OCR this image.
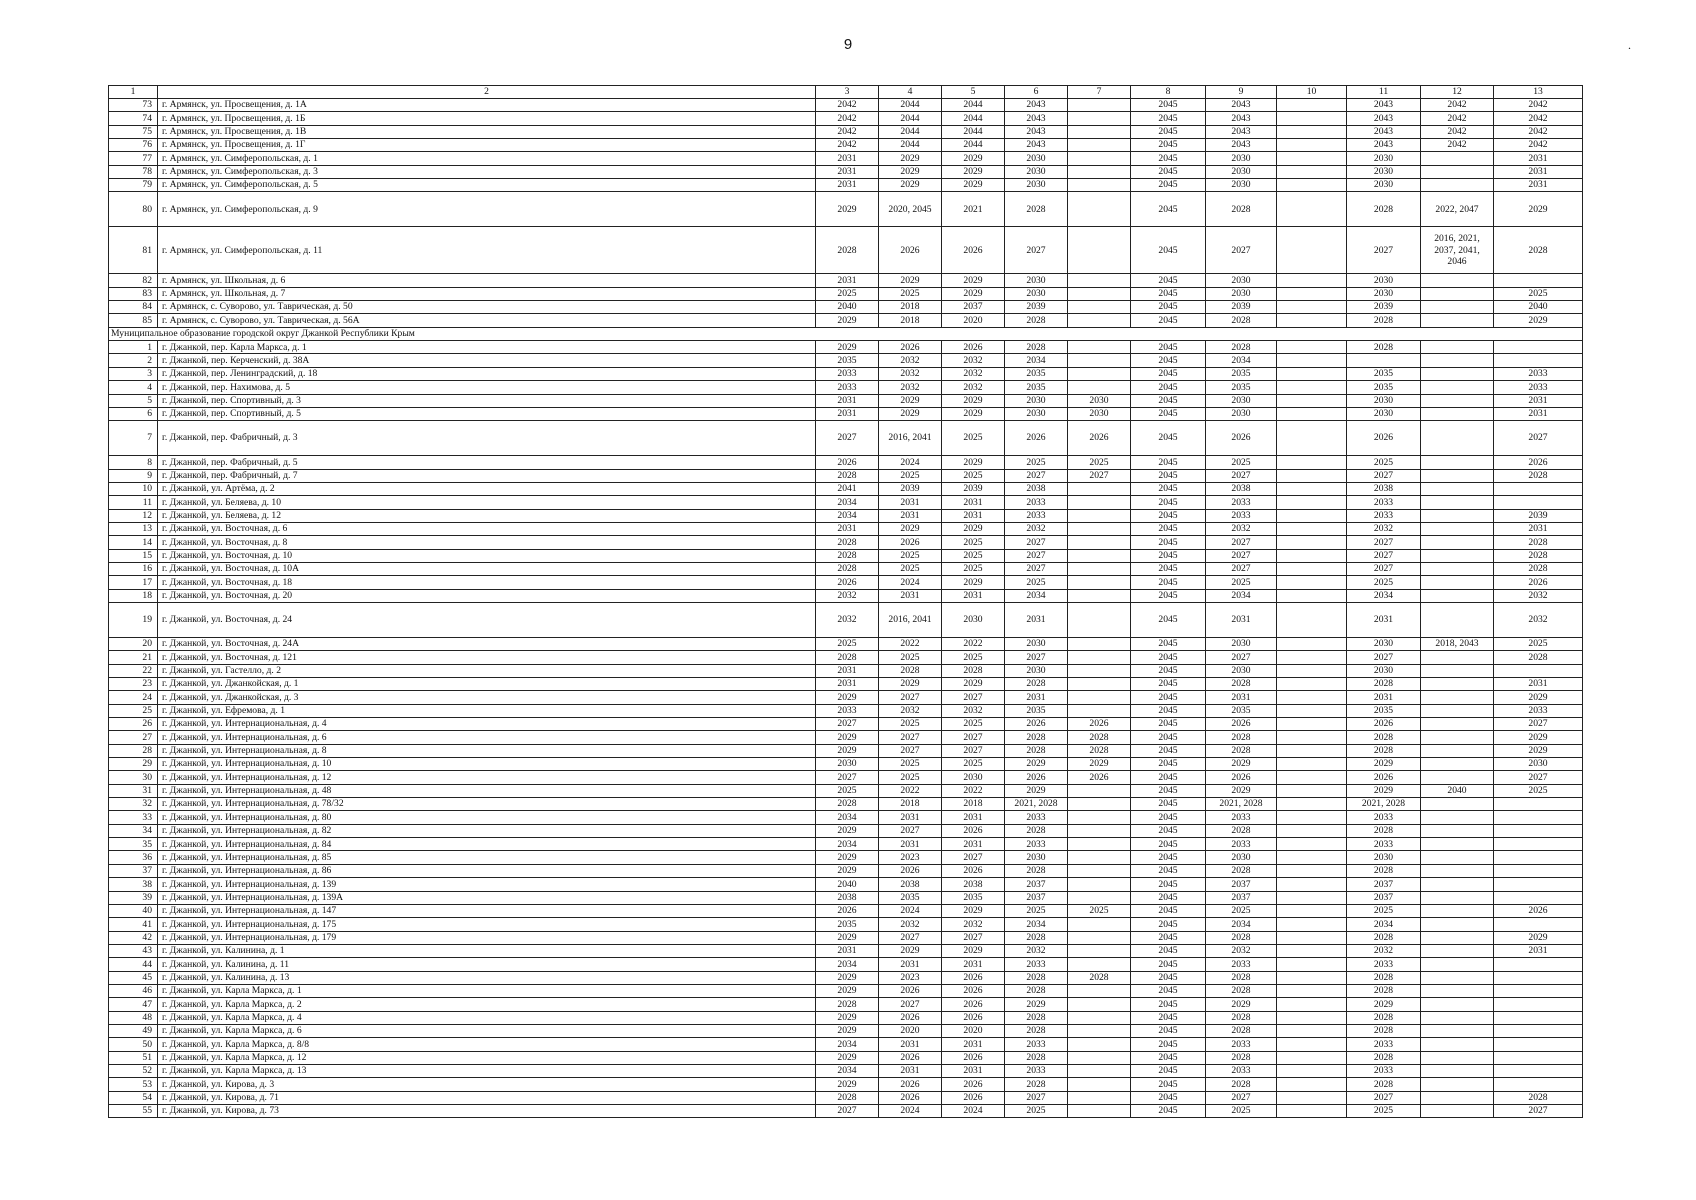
9	.
1	2	3	4	5	6	7	8	9	10	11	12	13
73	г. Армянск, ул. Просвещения, д. 1А	2042	2044	2044	2043		2045	2043		2043	2042	2042
74	г. Армянск, ул. Просвещения, д. 1Б	2042	2044	2044	2043		2045	2043		2043	2042	2042
75	г. Армянск, ул. Просвещения, д. 1В	2042	2044	2044	2043		2045	2043		2043	2042	2042
76	г. Армянск, ул. Просвещения, д. 1Г	2042	2044	2044	2043		2045	2043		2043	2042	2042
77	г. Армянск, ул. Симферопольская, д. 1	2031	2029	2029	2030		2045	2030		2030		2031
78	г. Армянск, ул. Симферопольская, д. 3	2031	2029	2029	2030		2045	2030		2030		2031
79	г. Армянск, ул. Симферопольская, д. 5	2031	2029	2029	2030		2045	2030		2030		2031
80	г. Армянск, ул. Симферопольская, д. 9	2029	2020, 2045	2021	2028		2045	2028		2028	2022, 2047	2029
81	г. Армянск, ул. Симферопольская, д. 11	2028	2026	2026	2027		2045	2027		2027	2016, 2021, 2037, 2041, 2046	2028
82	г. Армянск, ул. Школьная, д. 6	2031	2029	2029	2030		2045	2030		2030		
83	г. Армянск, ул. Школьная, д. 7	2025	2025	2029	2030		2045	2030		2030		2025
84	г. Армянск, с. Суворово, ул. Таврическая, д. 50	2040	2018	2037	2039		2045	2039		2039		2040
85	г. Армянск, с. Суворово, ул. Таврическая, д. 56А	2029	2018	2020	2028		2045	2028		2028		2029
Муниципальное образование городской округ Джанкой Республики Крым												
1	г. Джанкой, пер. Карла Маркса, д. 1	2029	2026	2026	2028		2045	2028		2028		
2	г. Джанкой, пер. Керченский, д. 38А	2035	2032	2032	2034		2045	2034				
3	г. Джанкой, пер. Ленинградский, д. 18	2033	2032	2032	2035		2045	2035		2035		2033
4	г. Джанкой, пер. Нахимова, д. 5	2033	2032	2032	2035		2045	2035		2035		2033
5	г. Джанкой, пер. Спортивный, д. 3	2031	2029	2029	2030	2030	2045	2030		2030		2031
6	г. Джанкой, пер. Спортивный, д. 5	2031	2029	2029	2030	2030	2045	2030		2030		2031
7	г. Джанкой, пер. Фабричный, д. 3	2027	2016, 2041	2025	2026	2026	2045	2026		2026		2027
8	г. Джанкой, пер. Фабричный, д. 5	2026	2024	2029	2025	2025	2045	2025		2025		2026
9	г. Джанкой, пер. Фабричный, д. 7	2028	2025	2025	2027	2027	2045	2027		2027		2028
10	г. Джанкой, ул. Артёма, д. 2	2041	2039	2039	2038		2045	2038		2038		
11	г. Джанкой, ул. Беляева, д. 10	2034	2031	2031	2033		2045	2033		2033		
12	г. Джанкой, ул. Беляева, д. 12	2034	2031	2031	2033		2045	2033		2033		2039
13	г. Джанкой, ул. Восточная, д. 6	2031	2029	2029	2032		2045	2032		2032		2031
14	г. Джанкой, ул. Восточная, д. 8	2028	2026	2025	2027		2045	2027		2027		2028
15	г. Джанкой, ул. Восточная, д. 10	2028	2025	2025	2027		2045	2027		2027		2028
16	г. Джанкой, ул. Восточная, д. 10А	2028	2025	2025	2027		2045	2027		2027		2028
17	г. Джанкой, ул. Восточная, д. 18	2026	2024	2029	2025		2045	2025		2025		2026
18	г. Джанкой, ул. Восточная, д. 20	2032	2031	2031	2034		2045	2034		2034		2032
19	г. Джанкой, ул. Восточная, д. 24	2032	2016, 2041	2030	2031		2045	2031		2031		2032
20	г. Джанкой, ул. Восточная, д. 24А	2025	2022	2022	2030		2045	2030		2030	2018, 2043	2025
21	г. Джанкой, ул. Восточная, д. 121	2028	2025	2025	2027		2045	2027		2027		2028
22	г. Джанкой, ул. Гастелло, д. 2	2031	2028	2028	2030		2045	2030		2030		
23	г. Джанкой, ул. Джанкойская, д. 1	2031	2029	2029	2028		2045	2028		2028		2031
24	г. Джанкой, ул. Джанкойская, д. 3	2029	2027	2027	2031		2045	2031		2031		2029
25	г. Джанкой, ул. Ефремова, д. 1	2033	2032	2032	2035		2045	2035		2035		2033
26	г. Джанкой, ул. Интернациональная, д. 4	2027	2025	2025	2026	2026	2045	2026		2026		2027
27	г. Джанкой, ул. Интернациональная, д. 6	2029	2027	2027	2028	2028	2045	2028		2028		2029
28	г. Джанкой, ул. Интернациональная, д. 8	2029	2027	2027	2028	2028	2045	2028		2028		2029
29	г. Джанкой, ул. Интернациональная, д. 10	2030	2025	2025	2029	2029	2045	2029		2029		2030
30	г. Джанкой, ул. Интернациональная, д. 12	2027	2025	2030	2026	2026	2045	2026		2026		2027
31	г. Джанкой, ул. Интернациональная, д. 48	2025	2022	2022	2029		2045	2029		2029	2040	2025
32	г. Джанкой, ул. Интернациональная, д. 78/32	2028	2018	2018	2021, 2028		2045	2021, 2028		2021, 2028		
33	г. Джанкой, ул. Интернациональная, д. 80	2034	2031	2031	2033		2045	2033		2033		
34	г. Джанкой, ул. Интернациональная, д. 82	2029	2027	2026	2028		2045	2028		2028		
35	г. Джанкой, ул. Интернациональная, д. 84	2034	2031	2031	2033		2045	2033		2033		
36	г. Джанкой, ул. Интернациональная, д. 85	2029	2023	2027	2030		2045	2030		2030		
37	г. Джанкой, ул. Интернациональная, д. 86	2029	2026	2026	2028		2045	2028		2028		
38	г. Джанкой, ул. Интернациональная, д. 139	2040	2038	2038	2037		2045	2037		2037		
39	г. Джанкой, ул. Интернациональная, д. 139А	2038	2035	2035	2037		2045	2037		2037		
40	г. Джанкой, ул. Интернациональная, д. 147	2026	2024	2029	2025	2025	2045	2025		2025		2026
41	г. Джанкой, ул. Интернациональная, д. 175	2035	2032	2032	2034		2045	2034		2034		
42	г. Джанкой, ул. Интернациональная, д. 179	2029	2027	2027	2028		2045	2028		2028		2029
43	г. Джанкой, ул. Калинина, д. 1	2031	2029	2029	2032		2045	2032		2032		2031
44	г. Джанкой, ул. Калинина, д. 11	2034	2031	2031	2033		2045	2033		2033		
45	г. Джанкой, ул. Калинина, д. 13	2029	2023	2026	2028	2028	2045	2028		2028		
46	г. Джанкой, ул. Карла Маркса, д. 1	2029	2026	2026	2028		2045	2028		2028		
47	г. Джанкой, ул. Карла Маркса, д. 2	2028	2027	2026	2029		2045	2029		2029		
48	г. Джанкой, ул. Карла Маркса, д. 4	2029	2026	2026	2028		2045	2028		2028		
49	г. Джанкой, ул. Карла Маркса, д. 6	2029	2020	2020	2028		2045	2028		2028		
50	г. Джанкой, ул. Карла Маркса, д. 8/8	2034	2031	2031	2033		2045	2033		2033		
51	г. Джанкой, ул. Карла Маркса, д. 12	2029	2026	2026	2028		2045	2028		2028		
52	г. Джанкой, ул. Карла Маркса, д. 13	2034	2031	2031	2033		2045	2033		2033		
53	г. Джанкой, ул. Кирова, д. 3	2029	2026	2026	2028		2045	2028		2028		
54	г. Джанкой, ул. Кирова, д. 71	2028	2026	2026	2027		2045	2027		2027		2028
55	г. Джанкой, ул. Кирова, д. 73	2027	2024	2024	2025		2045	2025		2025		2027
